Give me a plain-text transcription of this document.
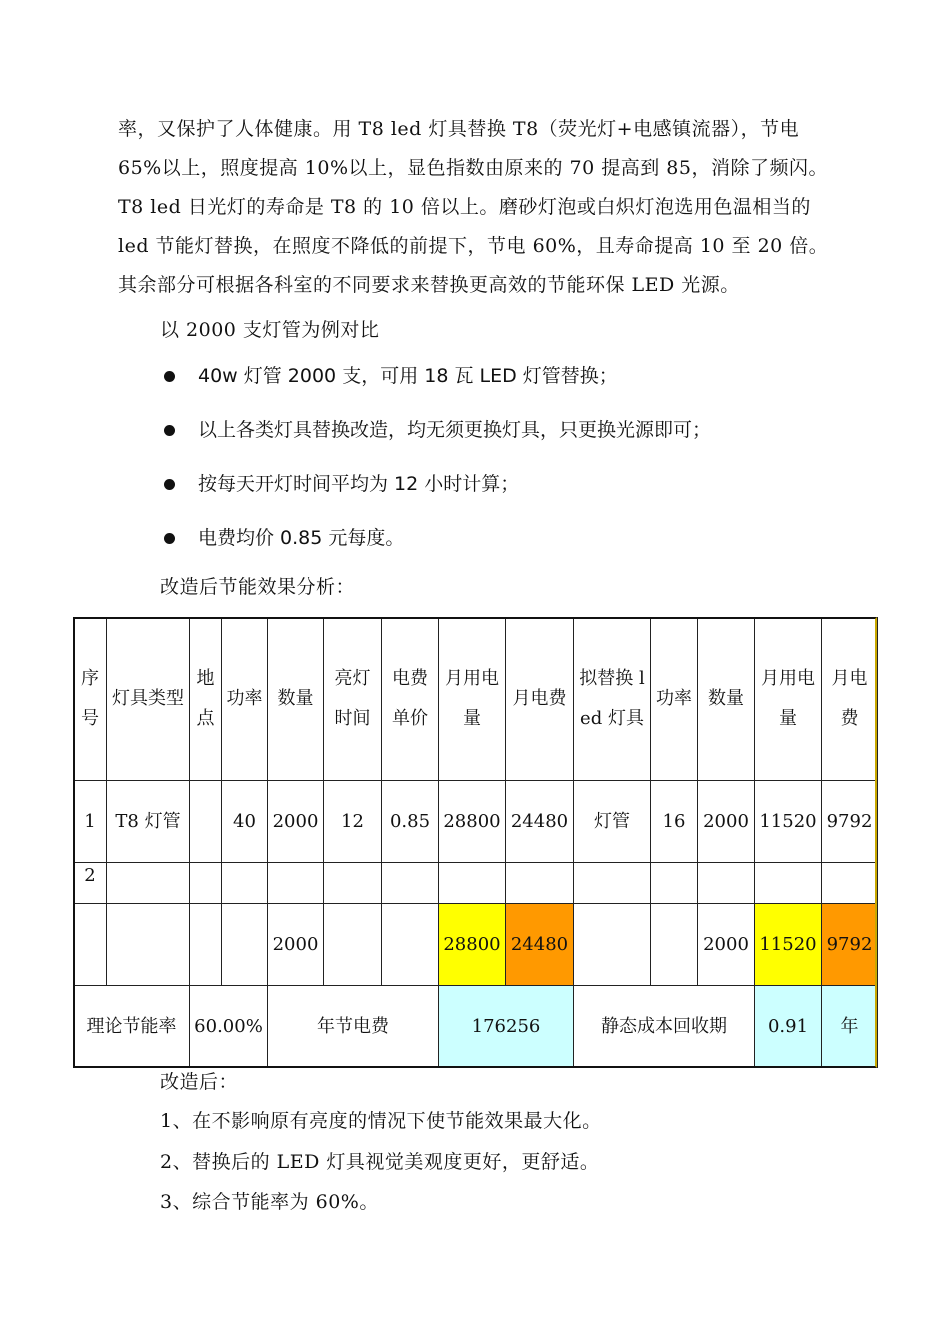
率，又保护了人体健康。用 T8 led 灯具替换 T8（荧光灯+电感镇流器），节电
65%以上，照度提高 10%以上，显色指数由原来的 70 提高到 85，消除了频闪。
T8 led 日光灯的寿命是 T8 的 10 倍以上。磨砂灯泡或白炽灯泡选用色温相当的
led 节能灯替换，在照度不降低的前提下，节电 60%，且寿命提高 10 至 20 倍。
其余部分可根据各科室的不同要求来替换更高效的节能环保 LED 光源。
以 2000 支灯管为例对比
40w 灯管 2000 支，可用 18 瓦 LED 灯管替换；
以上各类灯具替换改造，均无须更换灯具，只更换光源即可；
按每天开灯时间平均为 12 小时计算；
电费均价 0.85 元每度。
改造后节能效果分析：
序号	灯具类型	地点	功率	数量	亮灯时间	电费单价	月用电量	月电费	拟替换 led 灯具	功率	数量	月用电量	月电费
1	T8 灯管		40	2000	12	0.85	28800	24480	灯管	16	2000	11520	9792
2													
				2000			28800	24480			2000	11520	9792
理论节能率		60.00%		年节电费			176256		静态成本回收期			0.91	年
改造后：
1、在不影响原有亮度的情况下使节能效果最大化。
2、替换后的 LED 灯具视觉美观度更好，更舒适。
3、综合节能率为 60%。
